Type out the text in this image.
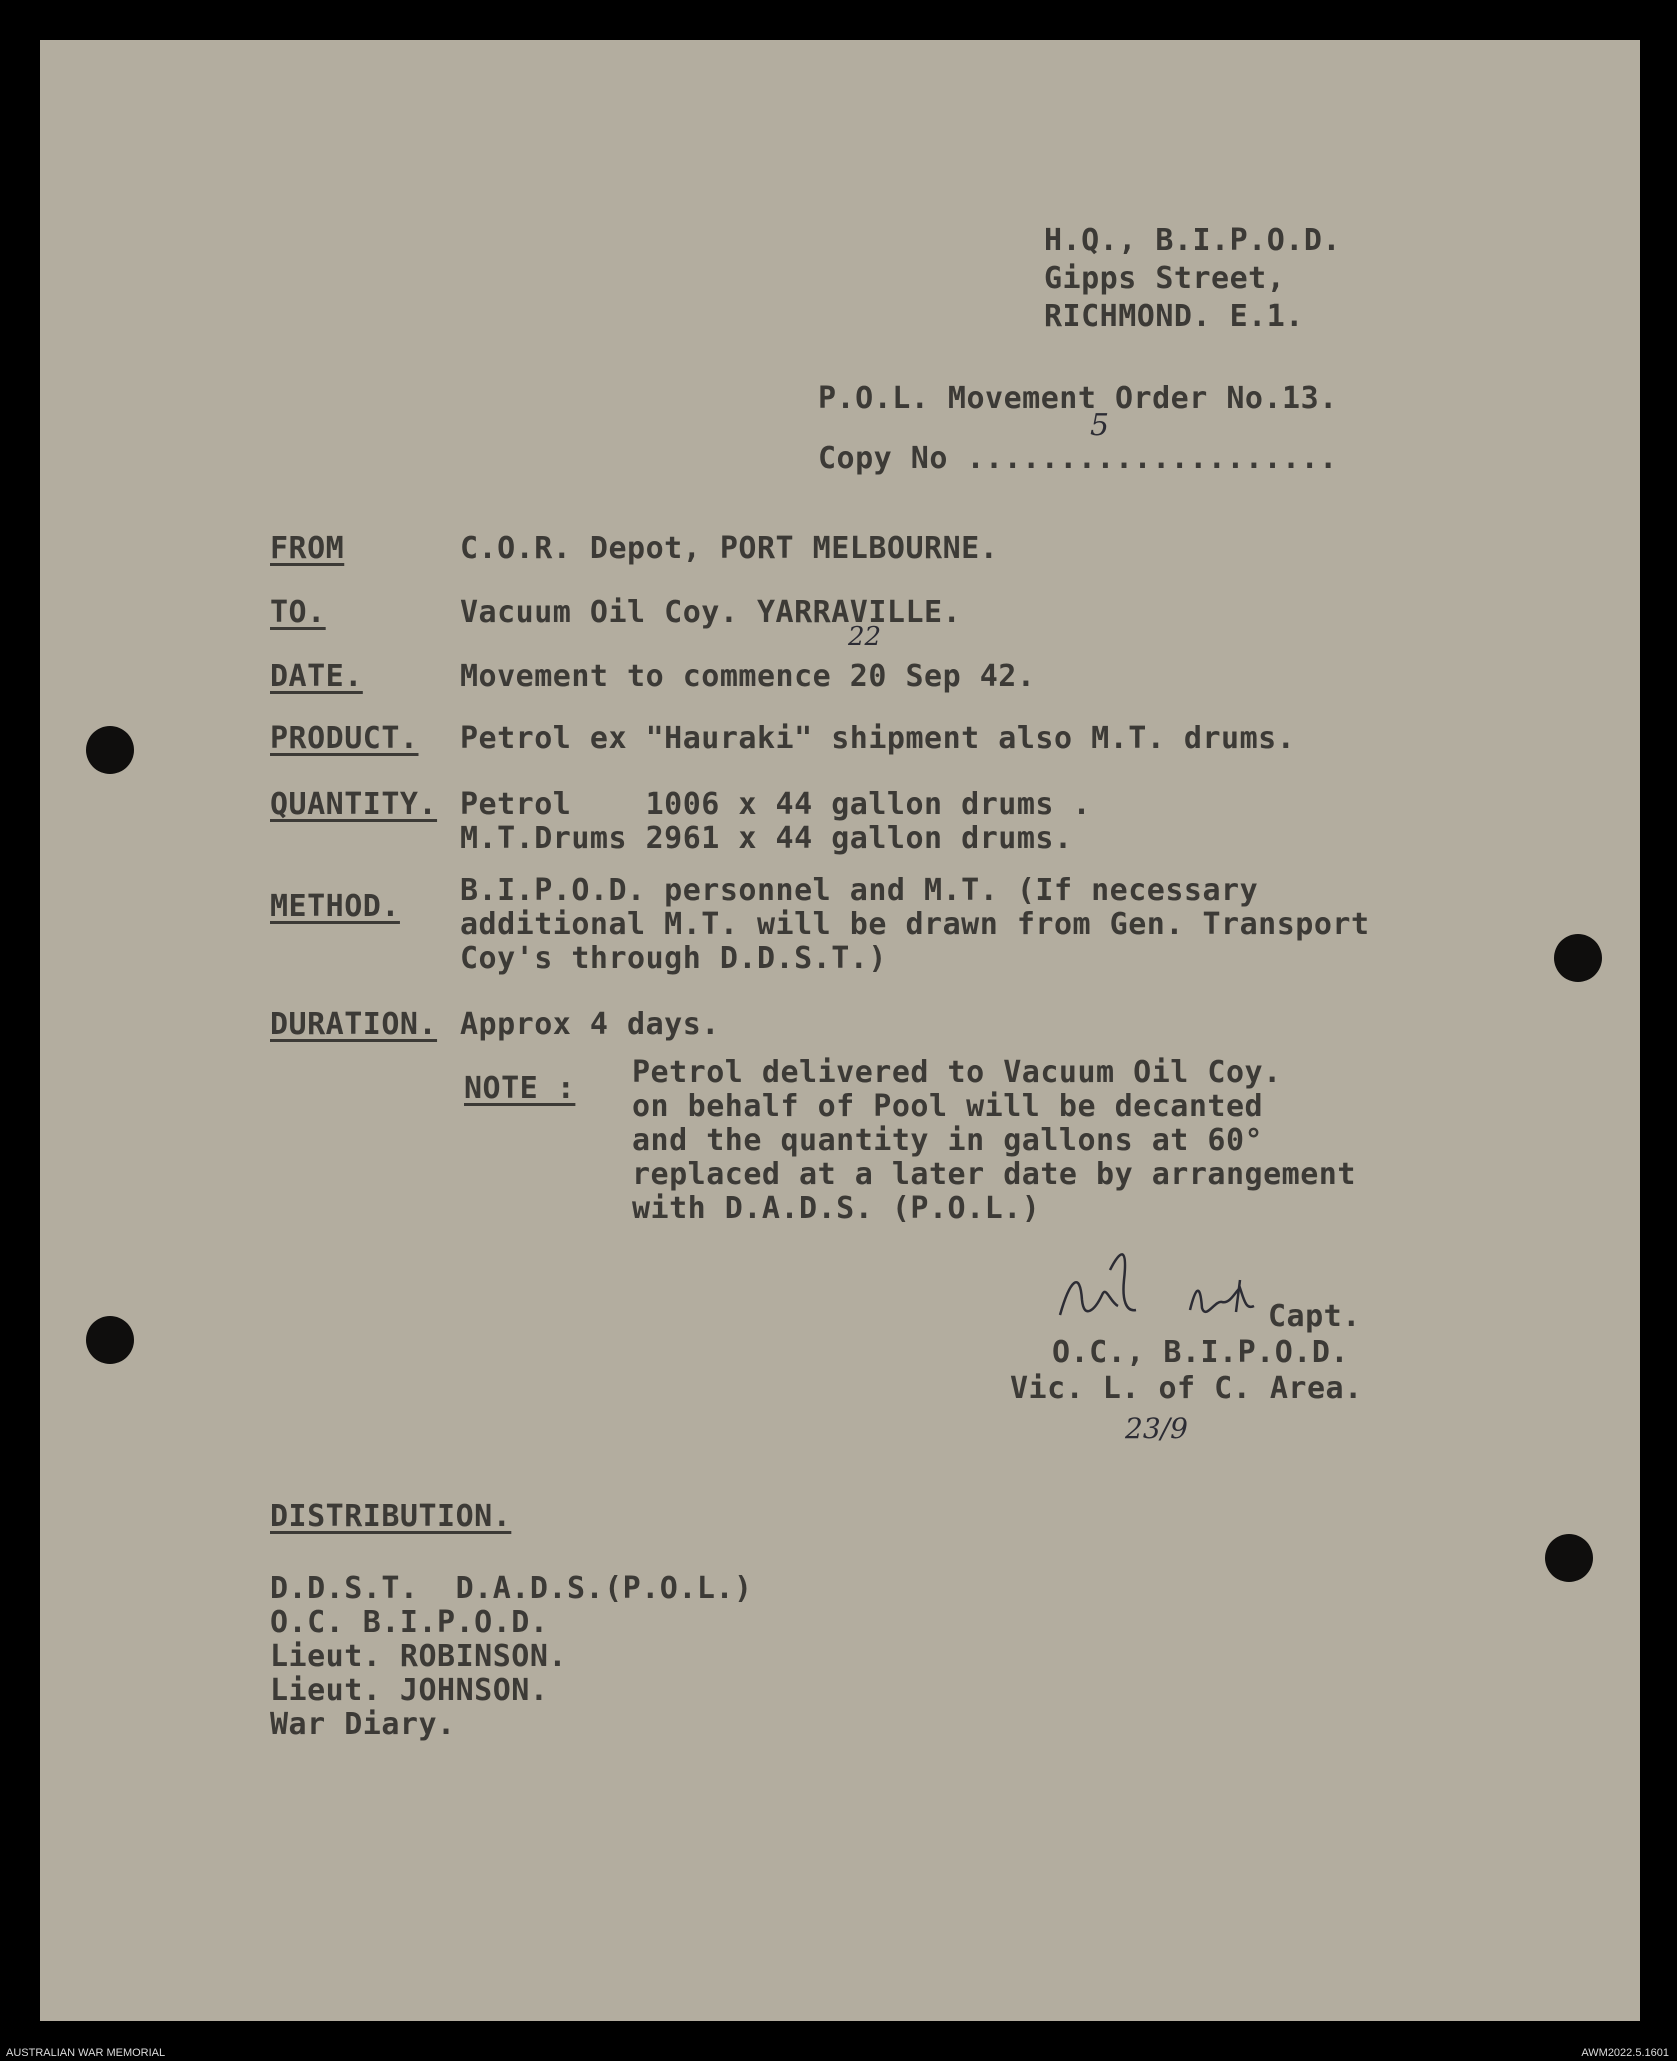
H.Q., B.I.P.O.D.
Gipps Street,
RICHMOND. E.1.
P.O.L. Movement Order No.13.
Copy No ....................
5
FROM	C.O.R. Depot, PORT MELBOURNE.
TO.	Vacuum Oil Coy. YARRAVILLE.
DATE.	Movement to commence 20 Sep 42.
22
PRODUCT. Petrol ex "Hauraki" shipment also M.T. drums.
QUANTITY. Petrol    1006 x 44 gallon drums .
M.T.Drums 2961 x 44 gallon drums.
METHOD. B.I.P.O.D. personnel and M.T. (If necessary
additional M.T. will be drawn from Gen. Transport
Coy's through D.D.S.T.)
DURATION. Approx 4 days.
NOTE : Petrol delivered to Vacuum Oil Coy.
on behalf of Pool will be decanted
and the quantity in gallons at 60°
replaced at a later date by arrangement
with D.A.D.S. (P.O.L.)
Capt.
O.C., B.I.P.O.D.
Vic. L. of C. Area.
23/9
DISTRIBUTION.
D.D.S.T.  D.A.D.S.(P.O.L.)
O.C. B.I.P.O.D.
Lieut. ROBINSON.
Lieut. JOHNSON.
War Diary.
AUSTRALIAN WAR MEMORIAL	AWM2022.5.1601
